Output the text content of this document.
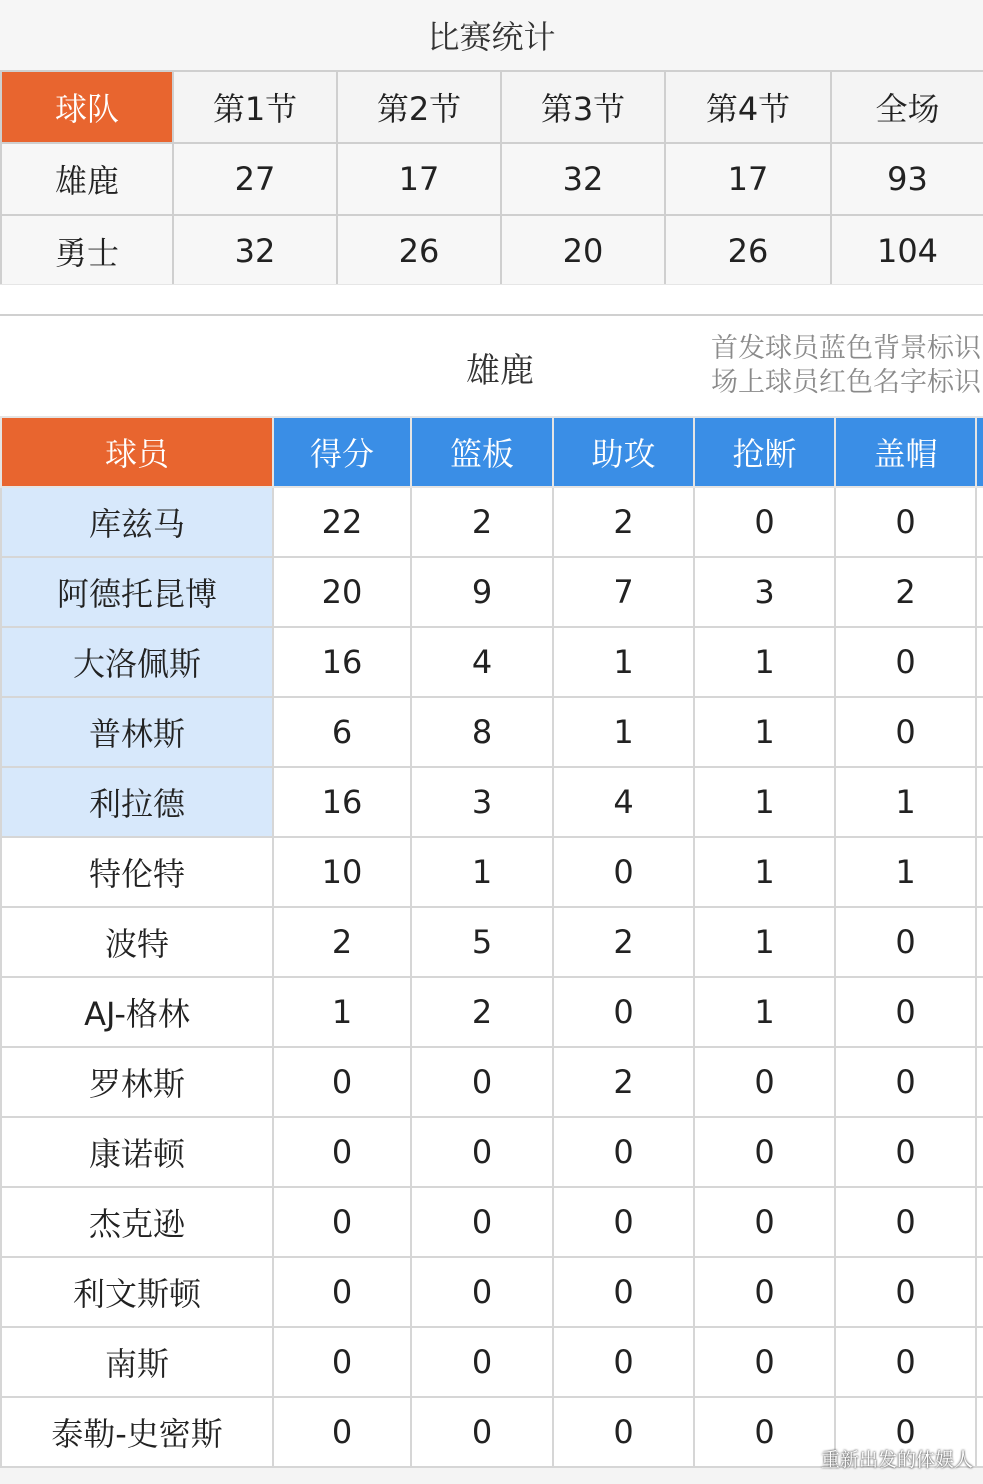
比赛统计
球队	第1节	第2节	第3节	第4节	全场
雄鹿	27	17	32	17	93
勇士	32	26	20	26	104
雄鹿
首发球员蓝色背景标识
场上球员红色名字标识
球员	得分	篮板	助攻	抢断	盖帽	
库兹马	22	2	2	0	0	
阿德托昆博	20	9	7	3	2	
大洛佩斯	16	4	1	1	0	
普林斯	6	8	1	1	0	
利拉德	16	3	4	1	1	
特伦特	10	1	0	1	1	
波特	2	5	2	1	0	
AJ-格林	1	2	0	1	0	
罗林斯	0	0	2	0	0	
康诺顿	0	0	0	0	0	
杰克逊	0	0	0	0	0	
利文斯顿	0	0	0	0	0	
南斯	0	0	0	0	0	
泰勒-史密斯	0	0	0	0	0	
重新出发的体娱人
